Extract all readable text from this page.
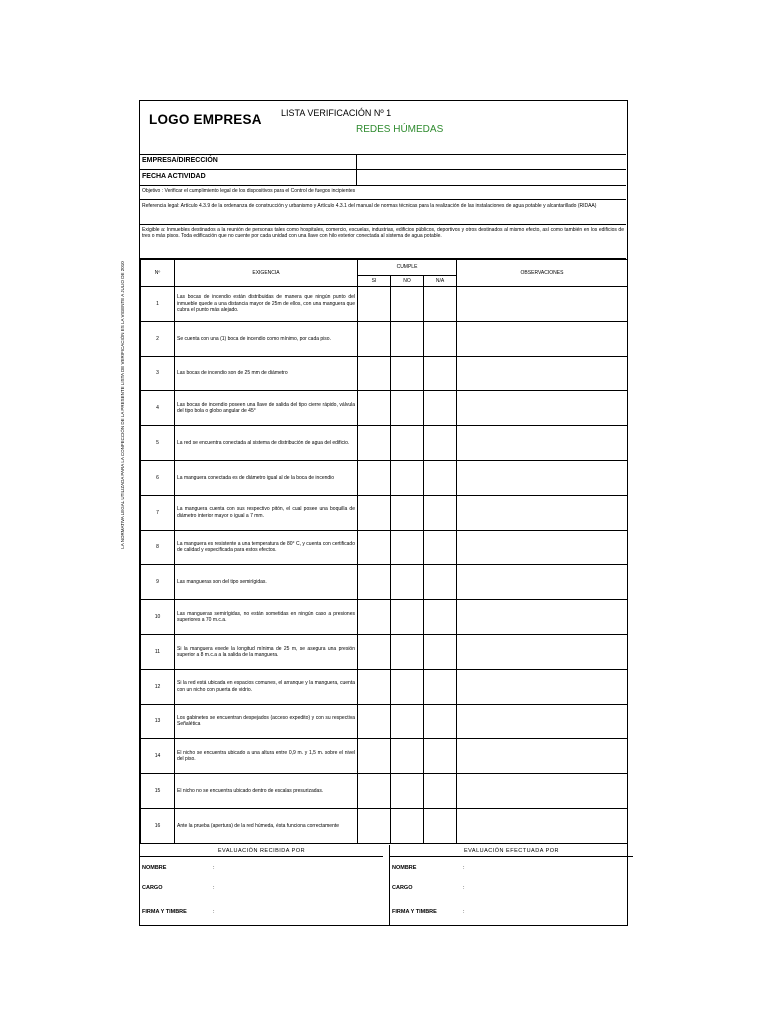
LA NORMATIVA LEGAL UTILIZADA PARA LA CONFECCIÓN DE LA PRESENTE LISTA DE VERIFICACIÓN ES LA VIGENTE A JULIO DE 2010
LOGO EMPRESA LISTA VERIFICACIÓN Nº 1
REDES HÚMEDAS
EMPRESA/DIRECCIÓN
FECHA ACTIVIDAD
Objetivo : Verificar el cumplimiento legal de los dispositivos para el Control de fuegos incipientes
Referencia legal: Artículo 4.3.9 de la ordenanza de construcción y urbanismo y Artículo 4.3.1 del manual de normas técnicas para la realización de las instalaciones de agua potable y alcantarillado (RIDAA)
Exigible a: Inmuebles destinados a la reunión de personas tales como hospitales, comercio, escuelas, industrias, edificios públicos, deportivos y otros destinados al mismo efecto, así como también en los edificios de tres o más pisos. Toda edificación que no cuente por cada unidad con una llave con hilo exterior conectada al sistema de agua potable.
Nº	EXIGENCIA	CUMPLE			OBSERVACIONES
		SI	NO	N/A	
1	Las bocas de incendio están distribuidas de manera que ningún punto del inmueble quede a una distancia mayor de 25m de ellos, con una manguera que cubra el punto más alejado.				
2	Se cuenta con una (1) boca de incendio como mínimo, por cada piso.				
3	Las bocas de incendio son de 25 mm de diámetro				
4	Las bocas de incendio poseen una llave de salida del tipo cierre rápido, válvula del tipo bola o globo angular de 45°				
5	La red se encuentra conectada al sistema de distribución de agua del edificio.				
6	La manguera conectada es de diámetro igual al de la boca de incendio				
7	La manguera cuenta con sus respectivo pitón, el cual posee una boquilla de diámetro interior mayor o igual a 7 mm.				
8	La manguera es resistente a una temperatura de 80° C, y cuenta con certificado de calidad y especificada para estos efectos.				
9	Las mangueras son del tipo semirígidas.				
10	Las mangueras semirígidas, no están sometidas en ningún caso a presiones superiores a 70 m.c.a.				
11	Si la manguera exede la longitud mínima de 25 m, se asegura una presión superior a 8 m.c.a a la salida de la manguera.				
12	Si la red está ubicada en espacios comunes, el arranque y la manguera, cuenta con un nicho con puerta de vidrio.				
13	Los gabinetes se encuentran despejados (acceso expedito) y con su respectiva Señalética				
14	El nicho se encuentra ubicado a una altura entre 0,9 m. y 1,5 m. sobre el nivel del piso.				
15	El nicho no se encuentra ubicado dentro de escalas presurizadas.				
16	Ante la prueba (apertura) de la red húmeda, ésta funciona correctamente				
EVALUACIÓN RECIBIDA POR
NOMBRE	:
CARGO	:
FIRMA Y TIMBRE	:
EVALUACIÓN EFECTUADA POR
NOMBRE	:
CARGO	:
FIRMA Y TIMBRE	:
